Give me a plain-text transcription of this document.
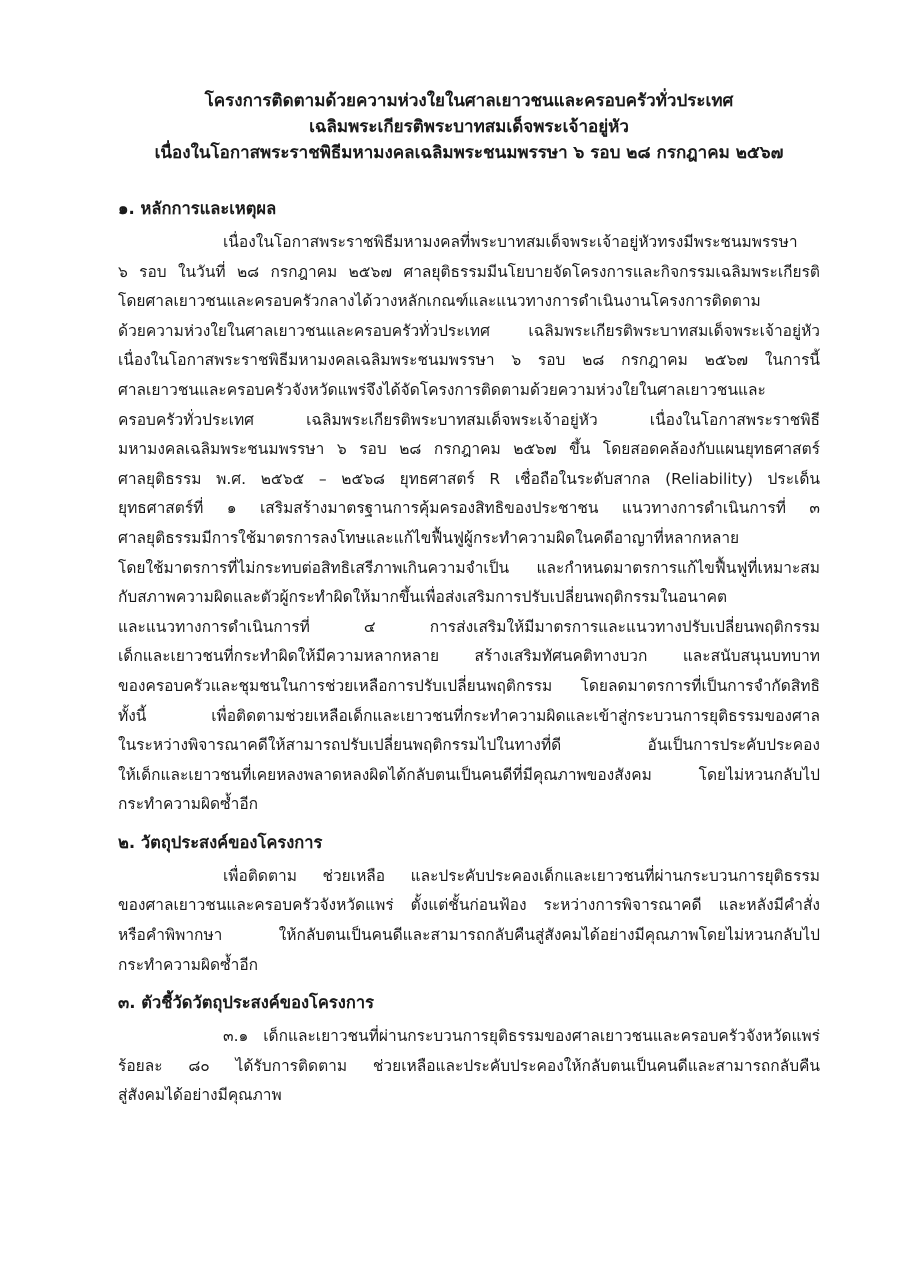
โครงการติดตามด้วยความห่วงใยในศาลเยาวชนและครอบครัวทั่วประเทศ
เฉลิมพระเกียรติพระบาทสมเด็จพระเจ้าอยู่หัว
เนื่องในโอกาสพระราชพิธีมหามงคลเฉลิมพระชนมพรรษา ๖ รอบ ๒๘ กรกฎาคม ๒๕๖๗
๑. หลักการและเหตุผล
เนื่องในโอกาสพระราชพิธีมหามงคลที่พระบาทสมเด็จพระเจ้าอยู่หัวทรงมีพระชนมพรรษา
๖ รอบ ในวันที่ ๒๘ กรกฎาคม ๒๕๖๗ ศาลยุติธรรมมีนโยบายจัดโครงการและกิจกรรมเฉลิมพระเกียรติ
โดยศาลเยาวชนและครอบครัวกลางได้วางหลักเกณฑ์และแนวทางการดำเนินงานโครงการติดตาม
ด้วยความห่วงใยในศาลเยาวชนและครอบครัวทั่วประเทศ เฉลิมพระเกียรติพระบาทสมเด็จพระเจ้าอยู่หัว
เนื่องในโอกาสพระราชพิธีมหามงคลเฉลิมพระชนมพรรษา ๖ รอบ ๒๘ กรกฎาคม ๒๕๖๗ ในการนี้
ศาลเยาวชนและครอบครัวจังหวัดแพร่จึงได้จัดโครงการติดตามด้วยความห่วงใยในศาลเยาวชนและ
ครอบครัวทั่วประเทศ เฉลิมพระเกียรติพระบาทสมเด็จพระเจ้าอยู่หัว เนื่องในโอกาสพระราชพิธี
มหามงคลเฉลิมพระชนมพรรษา ๖ รอบ ๒๘ กรกฎาคม ๒๕๖๗ ขึ้น โดยสอดคล้องกับแผนยุทธศาสตร์
ศาลยุติธรรม พ.ศ. ๒๕๖๕ – ๒๕๖๘ ยุทธศาสตร์ R เชื่อถือในระดับสากล (Reliability) ประเด็น
ยุทธศาสตร์ที่ ๑ เสริมสร้างมาตรฐานการคุ้มครองสิทธิของประชาชน แนวทางการดำเนินการที่ ๓
ศาลยุติธรรมมีการใช้มาตรการลงโทษและแก้ไขฟื้นฟูผู้กระทำความผิดในคดีอาญาที่หลากหลาย
โดยใช้มาตรการที่ไม่กระทบต่อสิทธิเสรีภาพเกินความจำเป็น และกำหนดมาตรการแก้ไขฟื้นฟูที่เหมาะสม
กับสภาพความผิดและตัวผู้กระทำผิดให้มากขึ้นเพื่อส่งเสริมการปรับเปลี่ยนพฤติกรรมในอนาคต
และแนวทางการดำเนินการที่ ๔ การส่งเสริมให้มีมาตรการและแนวทางปรับเปลี่ยนพฤติกรรม
เด็กและเยาวชนที่กระทำผิดให้มีความหลากหลาย สร้างเสริมทัศนคติทางบวก และสนับสนุนบทบาท
ของครอบครัวและชุมชนในการช่วยเหลือการปรับเปลี่ยนพฤติกรรม โดยลดมาตรการที่เป็นการจำกัดสิทธิ
ทั้งนี้ เพื่อติดตามช่วยเหลือเด็กและเยาวชนที่กระทำความผิดและเข้าสู่กระบวนการยุติธรรมของศาล
ในระหว่างพิจารณาคดีให้สามารถปรับเปลี่ยนพฤติกรรมไปในทางที่ดี อันเป็นการประคับประคอง
ให้เด็กและเยาวชนที่เคยหลงพลาดหลงผิดได้กลับตนเป็นคนดีที่มีคุณภาพของสังคม โดยไม่หวนกลับไป
กระทำความผิดซ้ำอีก
๒. วัตถุประสงค์ของโครงการ
เพื่อติดตาม ช่วยเหลือ และประคับประคองเด็กและเยาวชนที่ผ่านกระบวนการยุติธรรม
ของศาลเยาวชนและครอบครัวจังหวัดแพร่ ตั้งแต่ชั้นก่อนฟ้อง ระหว่างการพิจารณาคดี และหลังมีคำสั่ง
หรือคำพิพากษา ให้กลับตนเป็นคนดีและสามารถกลับคืนสู่สังคมได้อย่างมีคุณภาพโดยไม่หวนกลับไป
กระทำความผิดซ้ำอีก
๓. ตัวชี้วัดวัตถุประสงค์ของโครงการ
๓.๑ เด็กและเยาวชนที่ผ่านกระบวนการยุติธรรมของศาลเยาวชนและครอบครัวจังหวัดแพร่
ร้อยละ ๘๐ ได้รับการติดตาม ช่วยเหลือและประคับประคองให้กลับตนเป็นคนดีและสามารถกลับคืน
สู่สังคมได้อย่างมีคุณภาพ
